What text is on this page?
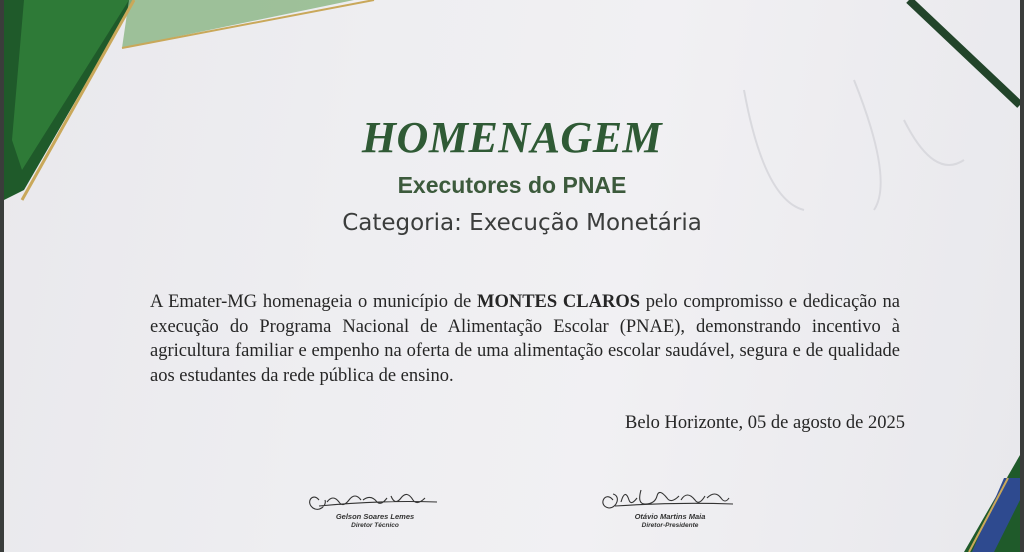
HOMENAGEM
Executores do PNAE
Categoria: Execução Monetária
A Emater-MG homenageia o município de MONTES CLAROS pelo compromisso e dedicação na execução do Programa Nacional de Alimentação Escolar (PNAE), demonstrando incentivo à agricultura familiar e empenho na oferta de uma alimentação escolar saudável, segura e de qualidade aos estudantes da rede pública de ensino.
Belo Horizonte, 05 de agosto de 2025
Gelson Soares Lemes
Diretor Técnico
Otávio Martins Maia
Diretor-Presidente
